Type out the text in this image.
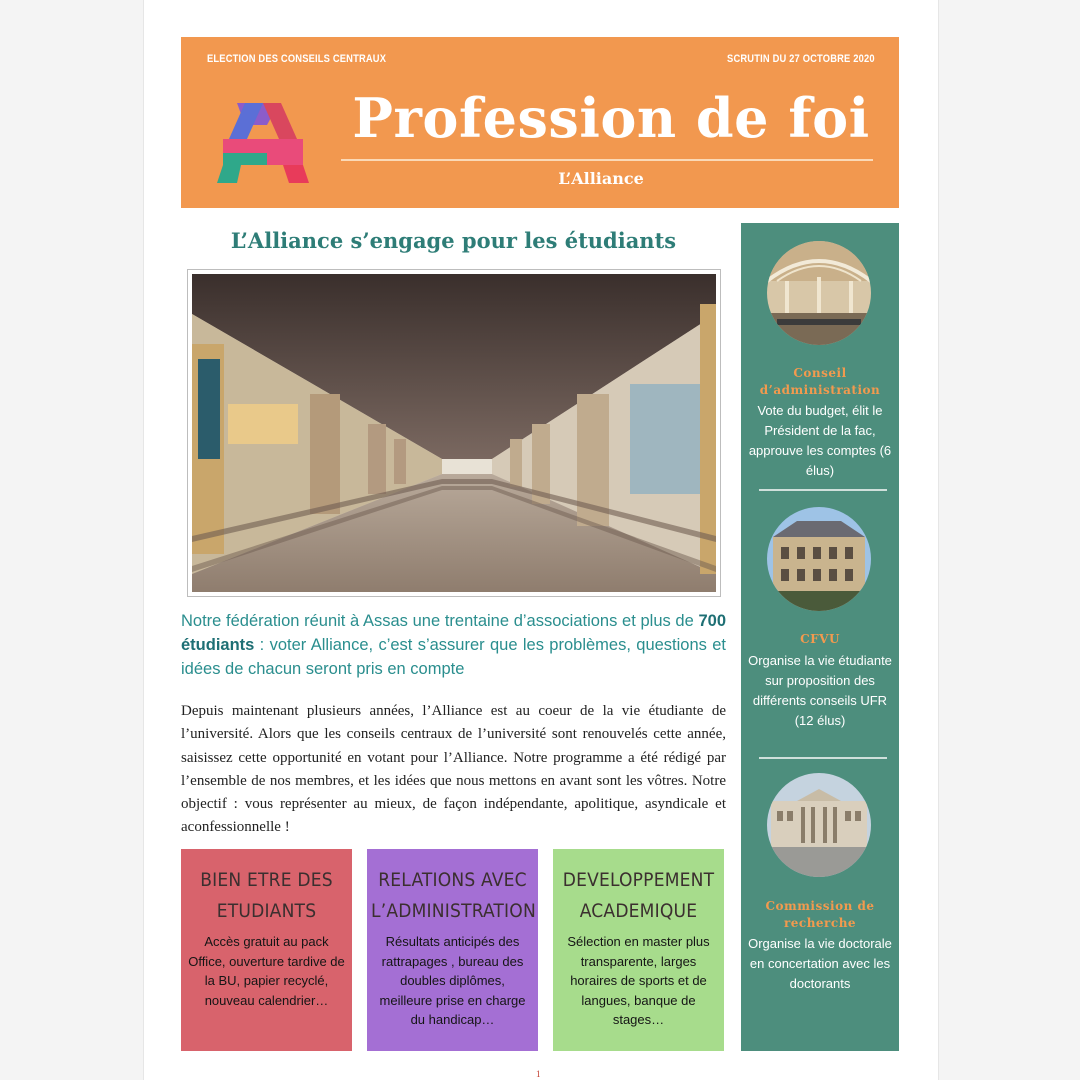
ELECTION DES CONSEILS CENTRAUX	SCRUTIN DU 27 OCTOBRE 2020
Profession de foi
L’Alliance
L’Alliance s’engage pour les étudiants
Notre fédération réunit à Assas une trentaine d’associations et plus de 700 étudiants : voter Alliance, c’est s’assurer que les problèmes, questions et idées de chacun seront pris en compte
Depuis maintenant plusieurs années, l’Alliance est au coeur de la vie étudiante de l’université. Alors que les conseils centraux de l’université sont renouvelés cette année, saisissez cette opportunité en votant pour l’Alliance. Notre programme a été rédigé par l’ensemble de nos membres, et les idées que nous mettons en avant sont les vôtres. Notre objectif : vous représenter au mieux, de façon indépendante, apolitique, asyndicale et aconfessionnelle !
BIEN ETRE DES
ETUDIANTS

Accès gratuit au pack Office, ouverture tardive de la BU, papier recyclé, nouveau calendrier…

RELATIONS AVEC
L’ADMINISTRATION

Résultats anticipés des rattrapages , bureau des doubles diplômes, meilleure prise en charge du handicap…

DEVELOPPEMENT
ACADEMIQUE

Sélection en master plus transparente, larges horaires de sports et de langues, banque de stages…

Conseil d’administration
Vote du budget, élit le Président de la fac, approuve les comptes (6 élus)
CFVU
Organise la vie étudiante sur proposition des différents conseils UFR (12 élus)
Commission de recherche
Organise la vie doctorale en concertation avec les doctorants
1
